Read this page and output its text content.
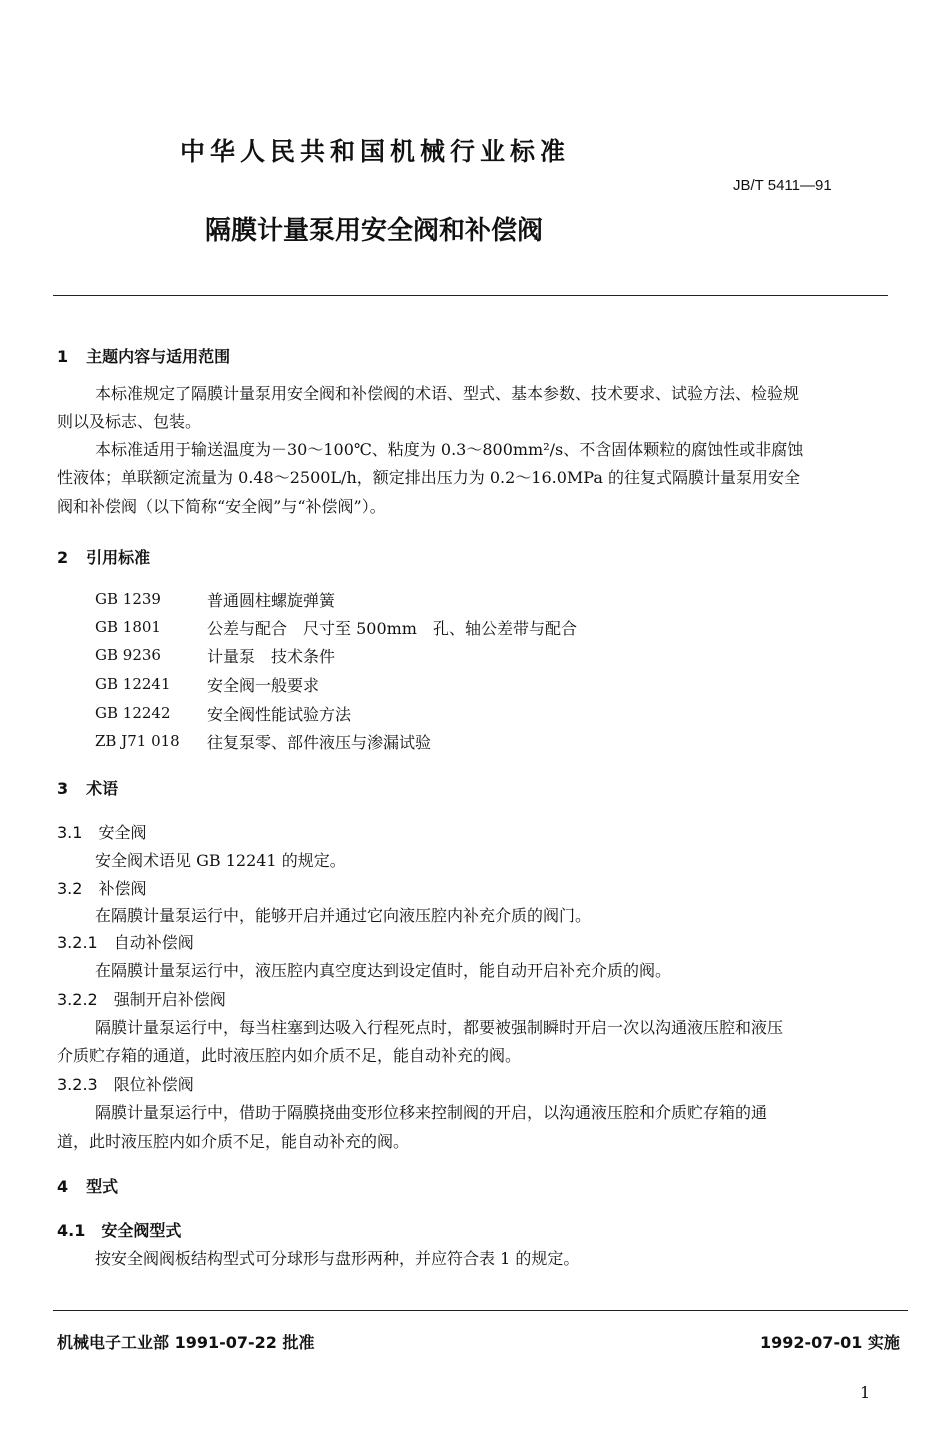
中华人民共和国机械行业标准
JB/T 5411—91
隔膜计量泵用安全阀和补偿阀
1 主题内容与适用范围
本标准规定了隔膜计量泵用安全阀和补偿阀的术语、型式、基本参数、技术要求、试验方法、检验规
则以及标志、包装。
本标准适用于输送温度为－30～100℃、粘度为 0.3～800mm²/s、不含固体颗粒的腐蚀性或非腐蚀
性液体；单联额定流量为 0.48～2500L/h，额定排出压力为 0.2～16.0MPa 的往复式隔膜计量泵用安全
阀和补偿阀（以下简称“安全阀”与“补偿阀”）。
2 引用标准
GB 1239	普通圆柱螺旋弹簧
GB 1801	公差与配合　尺寸至 500mm　孔、轴公差带与配合
GB 9236	计量泵　技术条件
GB 12241 安全阀一般要求
GB 12242 安全阀性能试验方法
ZB J71 018 往复泵零、部件液压与渗漏试验
3 术语
3.1 安全阀
安全阀术语见 GB 12241 的规定。
3.2 补偿阀
在隔膜计量泵运行中，能够开启并通过它向液压腔内补充介质的阀门。
3.2.1 自动补偿阀
在隔膜计量泵运行中，液压腔内真空度达到设定值时，能自动开启补充介质的阀。
3.2.2 强制开启补偿阀
隔膜计量泵运行中，每当柱塞到达吸入行程死点时，都要被强制瞬时开启一次以沟通液压腔和液压
介质贮存箱的通道，此时液压腔内如介质不足，能自动补充的阀。
3.2.3 限位补偿阀
隔膜计量泵运行中，借助于隔膜挠曲变形位移来控制阀的开启，以沟通液压腔和介质贮存箱的通
道，此时液压腔内如介质不足，能自动补充的阀。
4 型式
4.1 安全阀型式
按安全阀阀板结构型式可分球形与盘形两种，并应符合表 1 的规定。
机械电子工业部 1991-07-22 批准	1992-07-01 实施
1
